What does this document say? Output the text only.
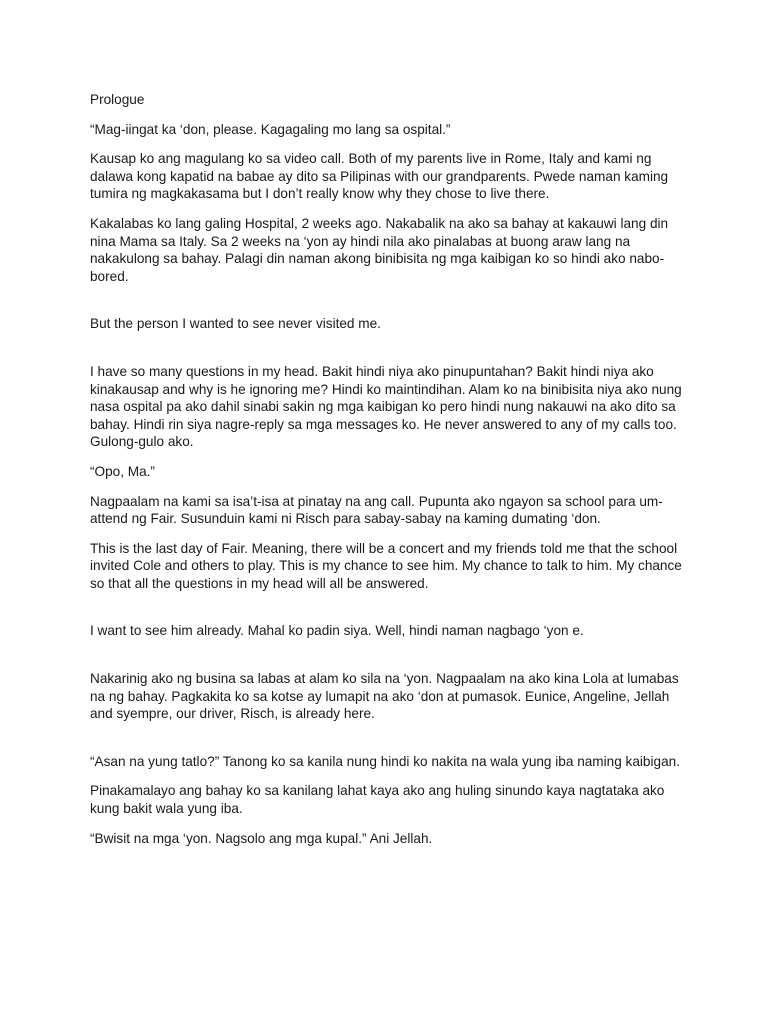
Prologue

“Mag-iingat ka ‘don, please. Kagagaling mo lang sa ospital.”

Kausap ko ang magulang ko sa video call. Both of my parents live in Rome, Italy and kami ng dalawa kong kapatid na babae ay dito sa Pilipinas with our grandparents. Pwede naman kaming tumira ng magkakasama but I don’t really know why they chose to live there.

Kakalabas ko lang galing Hospital, 2 weeks ago. Nakabalik na ako sa bahay at kakauwi lang din nina Mama sa Italy. Sa 2 weeks na ‘yon ay hindi nila ako pinalabas at buong araw lang na nakakulong sa bahay. Palagi din naman akong binibisita ng mga kaibigan ko so hindi ako nabo-bored.

But the person I wanted to see never visited me.

I have so many questions in my head. Bakit hindi niya ako pinupuntahan? Bakit hindi niya ako kinakausap and why is he ignoring me? Hindi ko maintindihan. Alam ko na binibisita niya ako nung nasa ospital pa ako dahil sinabi sakin ng mga kaibigan ko pero hindi nung nakauwi na ako dito sa bahay. Hindi rin siya nagre-reply sa mga messages ko. He never answered to any of my calls too. Gulong-gulo ako.

“Opo, Ma.”

Nagpaalam na kami sa isa’t-isa at pinatay na ang call. Pupunta ako ngayon sa school para um-attend ng Fair. Susunduin kami ni Risch para sabay-sabay na kaming dumating ‘don.

This is the last day of Fair. Meaning, there will be a concert and my friends told me that the school invited Cole and others to play. This is my chance to see him. My chance to talk to him. My chance so that all the questions in my head will all be answered.

I want to see him already. Mahal ko padin siya. Well, hindi naman nagbago ‘yon e.

Nakarinig ako ng busina sa labas at alam ko sila na ‘yon. Nagpaalam na ako kina Lola at lumabas na ng bahay. Pagkakita ko sa kotse ay lumapit na ako ‘don at pumasok. Eunice, Angeline, Jellah and syempre, our driver, Risch, is already here.

“Asan na yung tatlo?” Tanong ko sa kanila nung hindi ko nakita na wala yung iba naming kaibigan.

Pinakamalayo ang bahay ko sa kanilang lahat kaya ako ang huling sinundo kaya nagtataka ako kung bakit wala yung iba.

“Bwisit na mga ‘yon. Nagsolo ang mga kupal.” Ani Jellah.
